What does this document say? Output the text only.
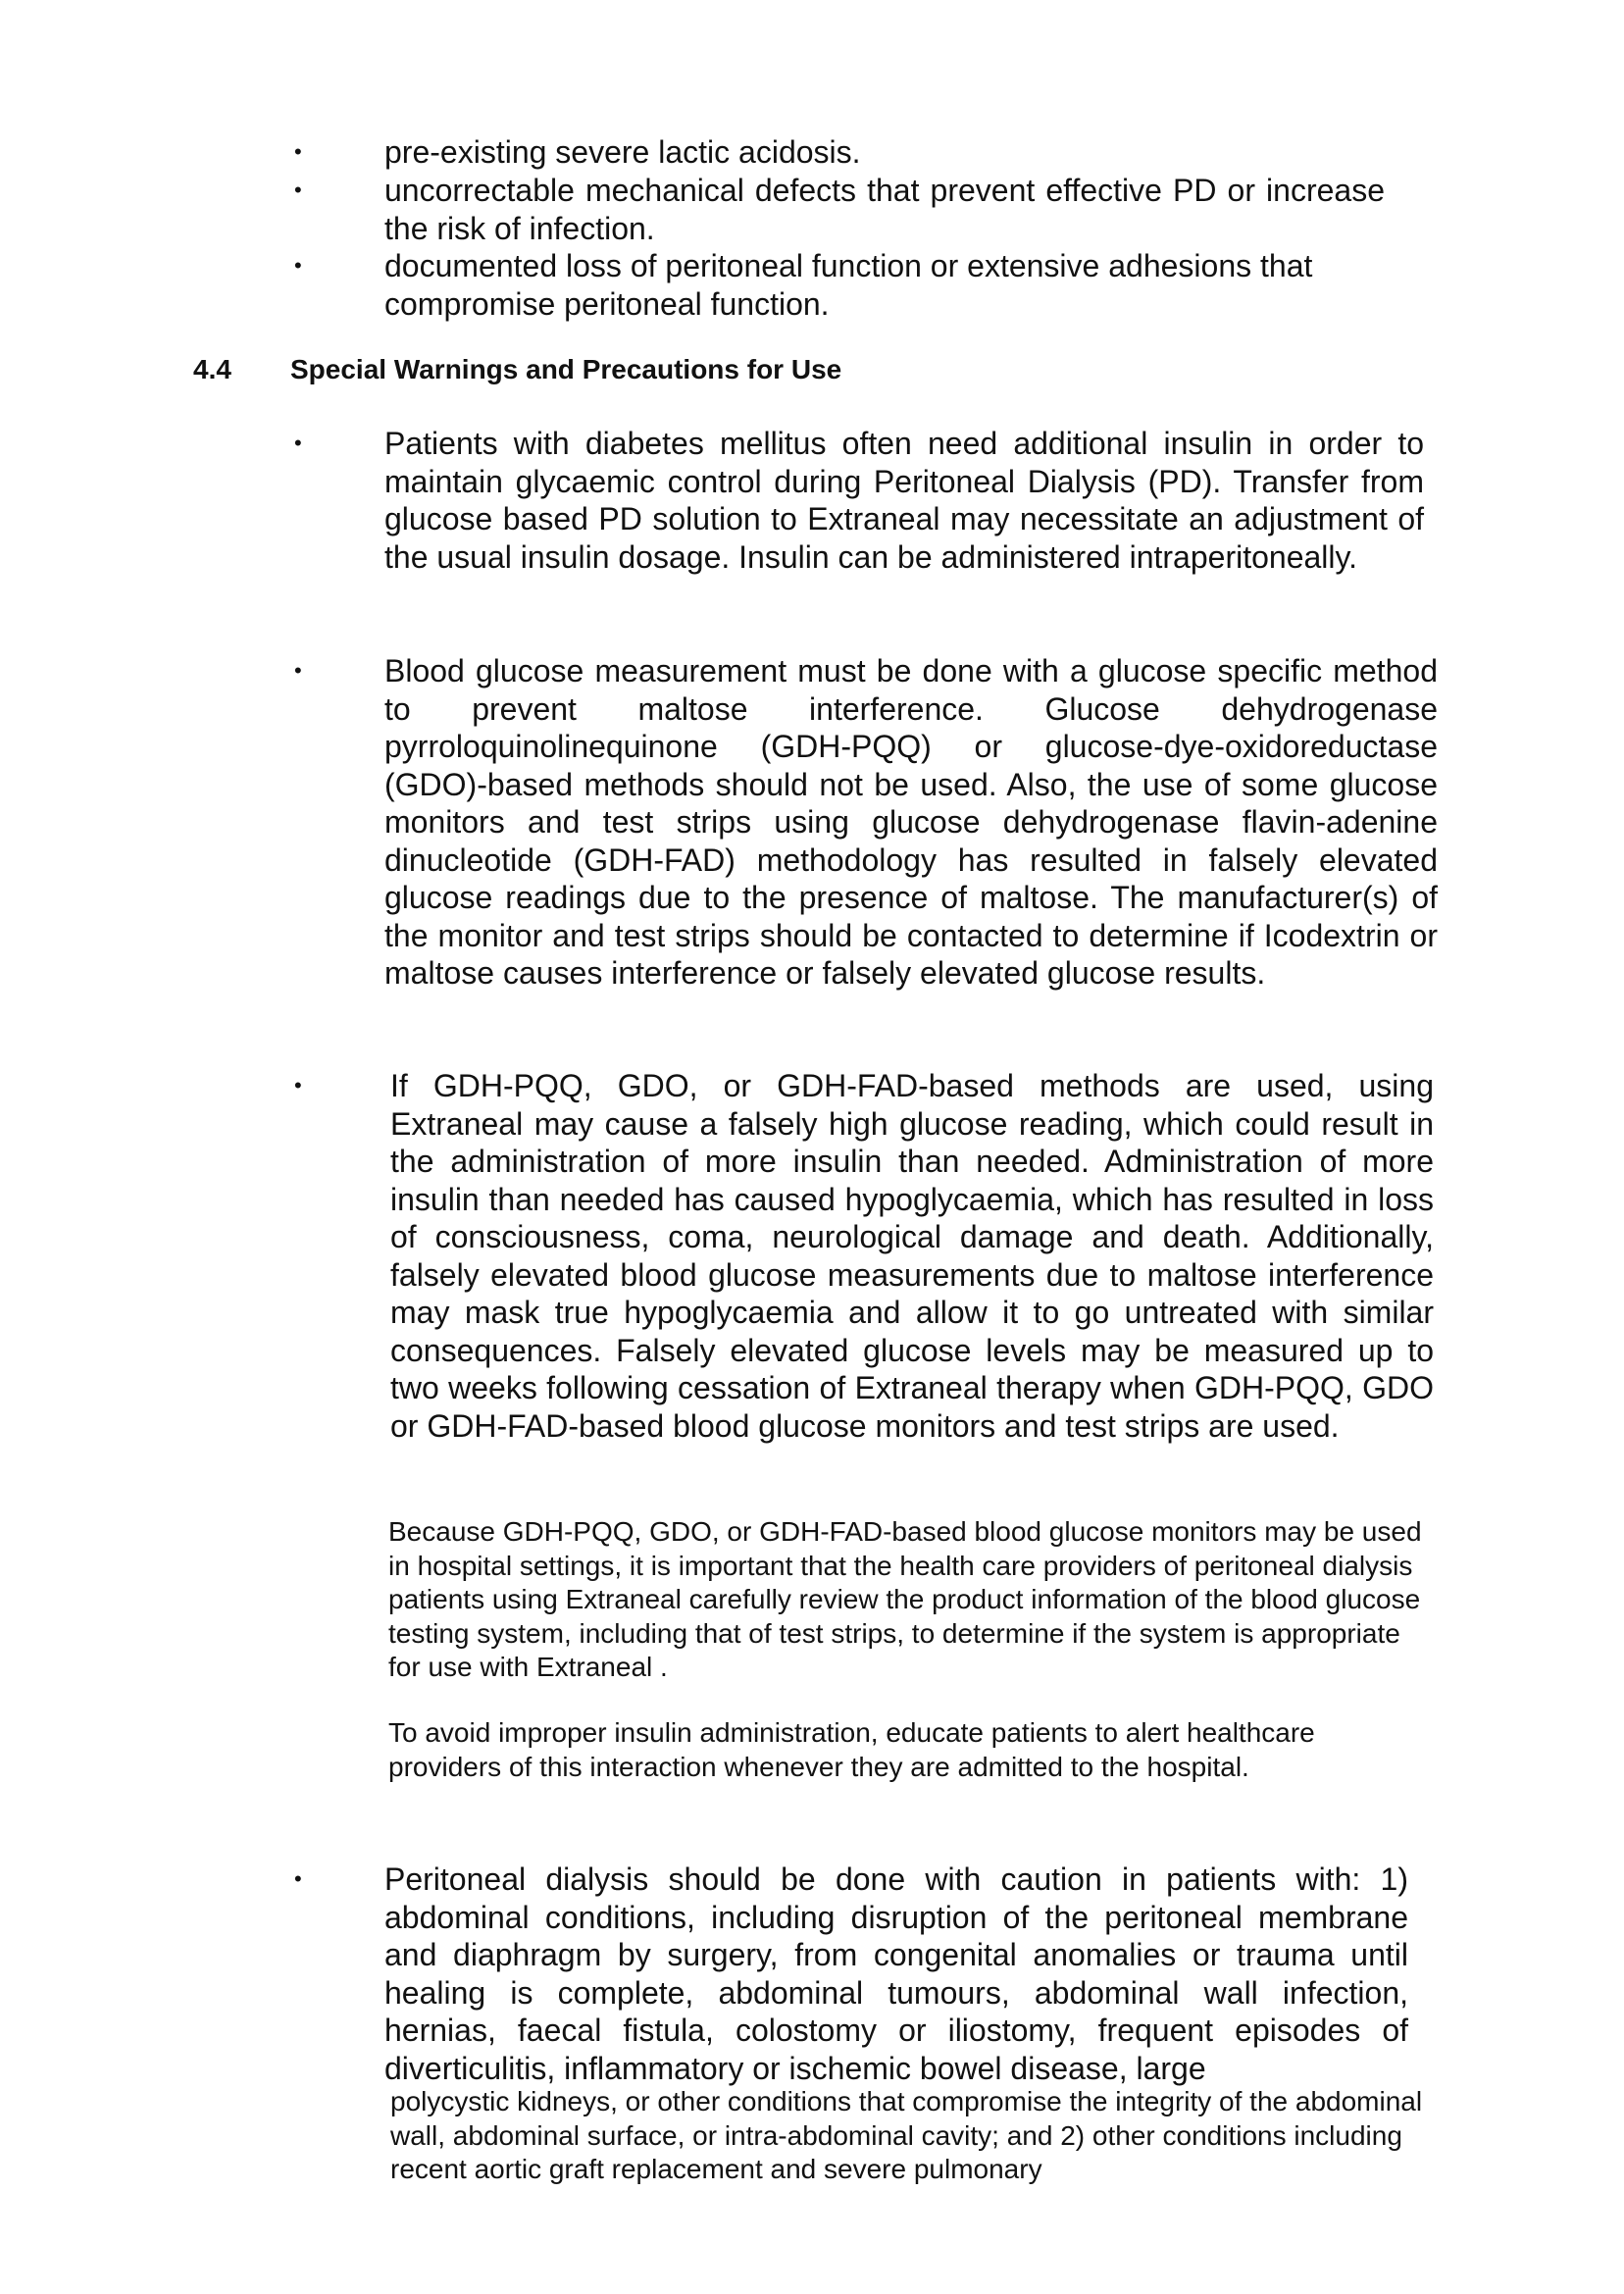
•	pre-existing severe lactic acidosis.

•	uncorrectable mechanical defects that prevent effective PD or increase the risk of infection.

•	documented loss of peritoneal function or extensive adhesions that compromise peritoneal function.

4.4 Special Warnings and Precautions for Use
•	Patients with diabetes mellitus often need additional insulin in order to maintain glycaemic control during Peritoneal Dialysis (PD). Transfer from glucose based PD solution to Extraneal may necessitate an adjustment of the usual insulin dosage. Insulin can be administered intraperitoneally.

•	Blood glucose measurement must be done with a glucose specific method to prevent maltose interference. Glucose dehydrogenase pyrroloquinolinequinone (GDH-PQQ) or glucose-dye-oxidoreductase (GDO)-based methods should not be used. Also, the use of some glucose monitors and test strips using glucose dehydrogenase flavin-adenine dinucleotide (GDH-FAD) methodology has resulted in falsely elevated glucose readings due to the presence of maltose. The manufacturer(s) of the monitor and test strips should be contacted to determine if Icodextrin or maltose causes interference or falsely elevated glucose results.

•	If GDH-PQQ, GDO, or GDH-FAD-based methods are used, using Extraneal may cause a falsely high glucose reading, which could result in the administration of more insulin than needed. Administration of more insulin than needed has caused hypoglycaemia, which has resulted in loss of consciousness, coma, neurological damage and death. Additionally, falsely elevated blood glucose measurements due to maltose interference may mask true hypoglycaemia and allow it to go untreated with similar consequences. Falsely elevated glucose levels may be measured up to two weeks following cessation of Extraneal therapy when GDH-PQQ, GDO or GDH-FAD-based blood glucose monitors and test strips are used.

Because GDH-PQQ, GDO, or GDH-FAD-based blood glucose monitors may be used in hospital settings, it is important that the health care providers of peritoneal dialysis patients using Extraneal carefully review the product information of the blood glucose testing system, including that of test strips, to determine if the system is appropriate for use with Extraneal .

To avoid improper insulin administration, educate patients to alert healthcare providers of this interaction whenever they are admitted to the hospital.

•	Peritoneal dialysis should be done with caution in patients with: 1) abdominal conditions, including disruption of the peritoneal membrane and diaphragm by surgery, from congenital anomalies or trauma until healing is complete, abdominal tumours, abdominal wall infection, hernias, faecal fistula, colostomy or iliostomy, frequent episodes of diverticulitis, inflammatory or ischemic bowel disease, large

polycystic kidneys, or other conditions that compromise the integrity of the abdominal wall, abdominal surface, or intra-abdominal cavity; and 2) other conditions including recent aortic graft replacement and severe pulmonary
